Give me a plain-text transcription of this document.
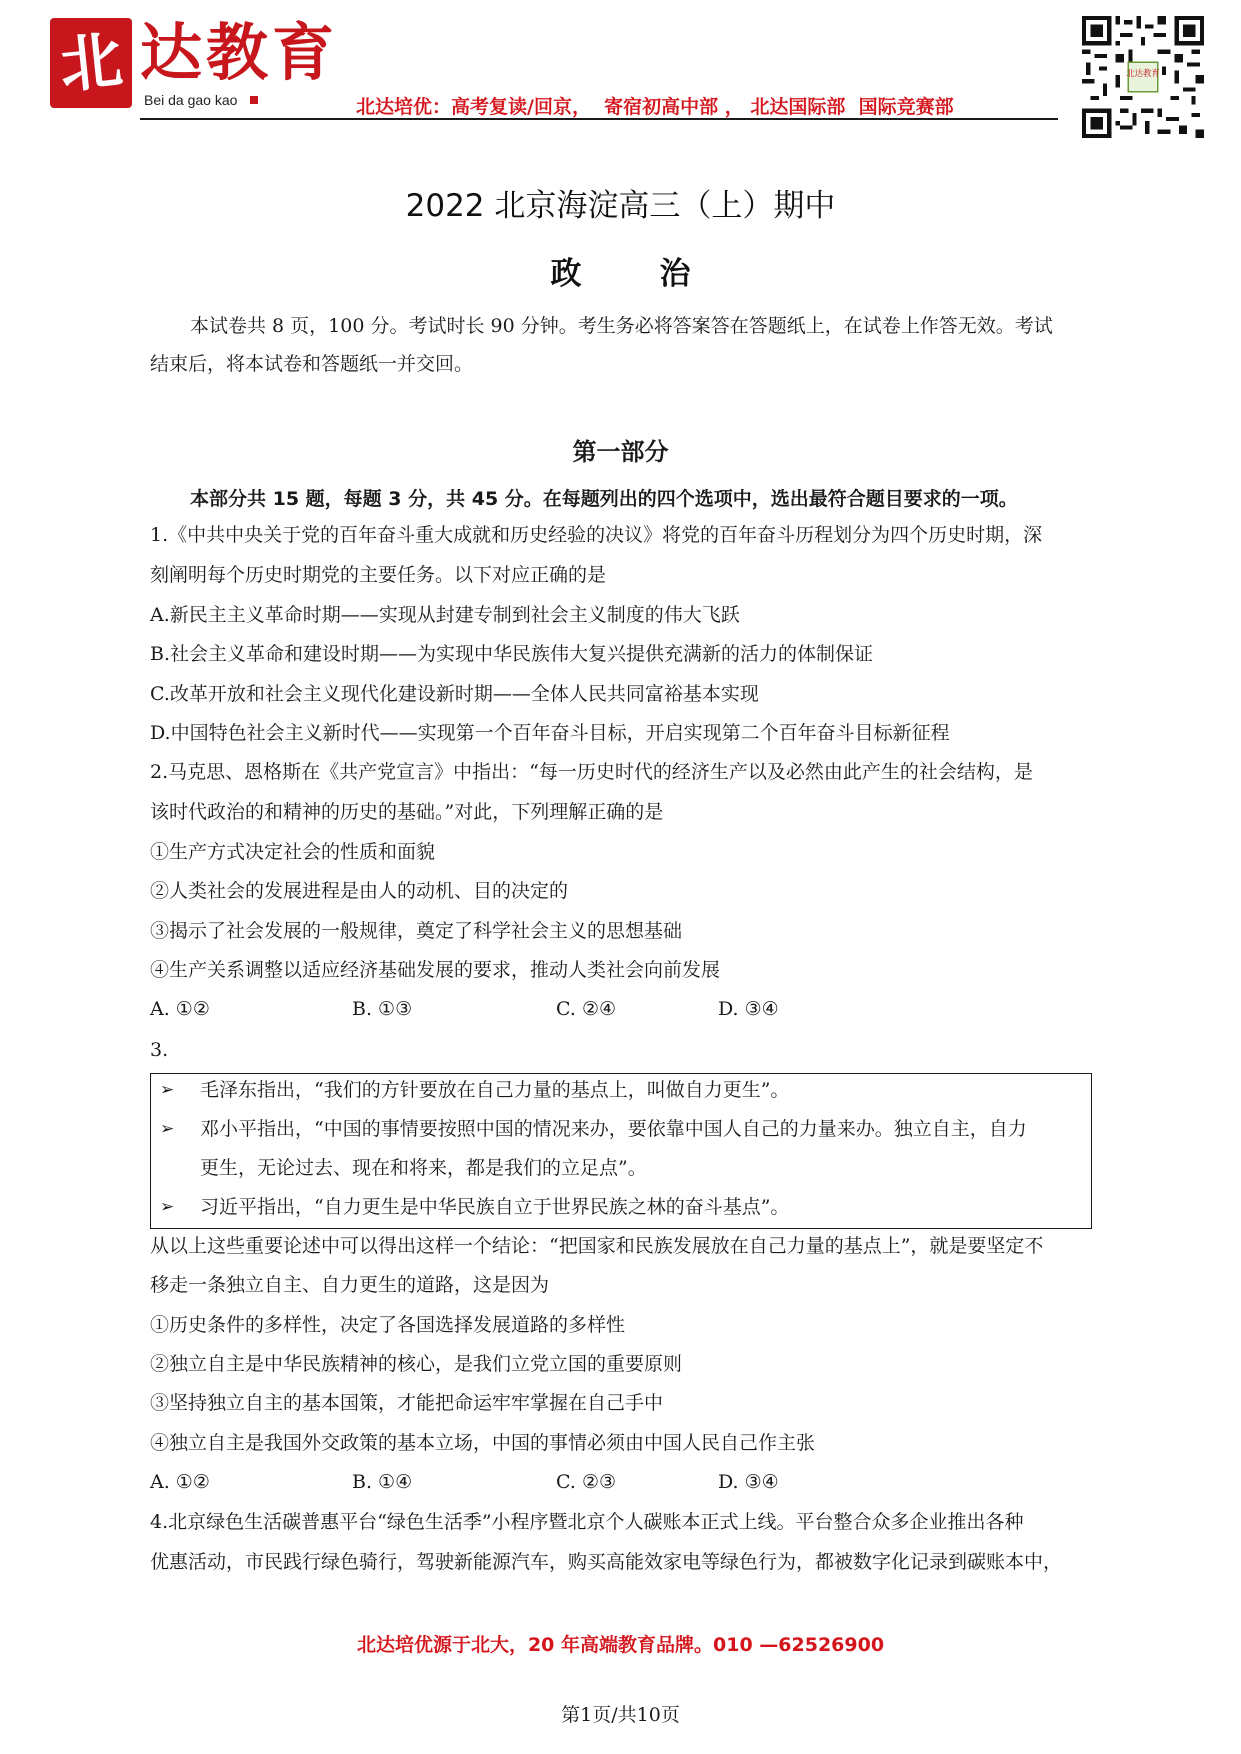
北 达教育
Bei da gao kao	北达培优：高考复读/回京，  寄宿初高中部 ， 北达国际部  国际竞赛部
北达教育
2022 北京海淀高三（上）期中
政	治
本试卷共 8 页，100 分。考试时长 90 分钟。考生务必将答案答在答题纸上，在试卷上作答无效。考试
结束后，将本试卷和答题纸一并交回。
第一部分
本部分共 15 题，每题 3 分，共 45 分。在每题列出的四个选项中，选出最符合题目要求的一项。
1.《中共中央关于党的百年奋斗重大成就和历史经验的决议》将党的百年奋斗历程划分为四个历史时期，深
刻阐明每个历史时期党的主要任务。以下对应正确的是
A.新民主主义革命时期——实现从封建专制到社会主义制度的伟大飞跃
B.社会主义革命和建设时期——为实现中华民族伟大复兴提供充满新的活力的体制保证
C.改革开放和社会主义现代化建设新时期——全体人民共同富裕基本实现
D.中国特色社会主义新时代——实现第一个百年奋斗目标，开启实现第二个百年奋斗目标新征程
2.马克思、恩格斯在《共产党宣言》中指出：“每一历史时代的经济生产以及必然由此产生的社会结构，是
该时代政治的和精神的历史的基础。”对此，下列理解正确的是
①生产方式决定社会的性质和面貌
②人类社会的发展进程是由人的动机、目的决定的
③揭示了社会发展的一般规律，奠定了科学社会主义的思想基础
④生产关系调整以适应经济基础发展的要求，推动人类社会向前发展
A. ①②	B. ①③	C. ②④	D. ③④
3.
➢ 毛泽东指出，“我们的方针要放在自己力量的基点上，叫做自力更生”。
➢ 邓小平指出，“中国的事情要按照中国的情况来办，要依靠中国人自己的力量来办。独立自主，自力
更生，无论过去、现在和将来，都是我们的立足点”。
➢ 习近平指出，“自力更生是中华民族自立于世界民族之林的奋斗基点”。
从以上这些重要论述中可以得出这样一个结论：“把国家和民族发展放在自己力量的基点上”，就是要坚定不
移走一条独立自主、自力更生的道路，这是因为
①历史条件的多样性，决定了各国选择发展道路的多样性
②独立自主是中华民族精神的核心，是我们立党立国的重要原则
③坚持独立自主的基本国策，才能把命运牢牢掌握在自己手中
④独立自主是我国外交政策的基本立场，中国的事情必须由中国人民自己作主张
A. ①②	B. ①④	C. ②③	D. ③④
4.北京绿色生活碳普惠平台“绿色生活季”小程序暨北京个人碳账本正式上线。平台整合众多企业推出各种
优惠活动，市民践行绿色骑行，驾驶新能源汽车，购买高能效家电等绿色行为，都被数字化记录到碳账本中，
北达培优源于北大，20 年高端教育品牌。010 —62526900
第1页/共10页
